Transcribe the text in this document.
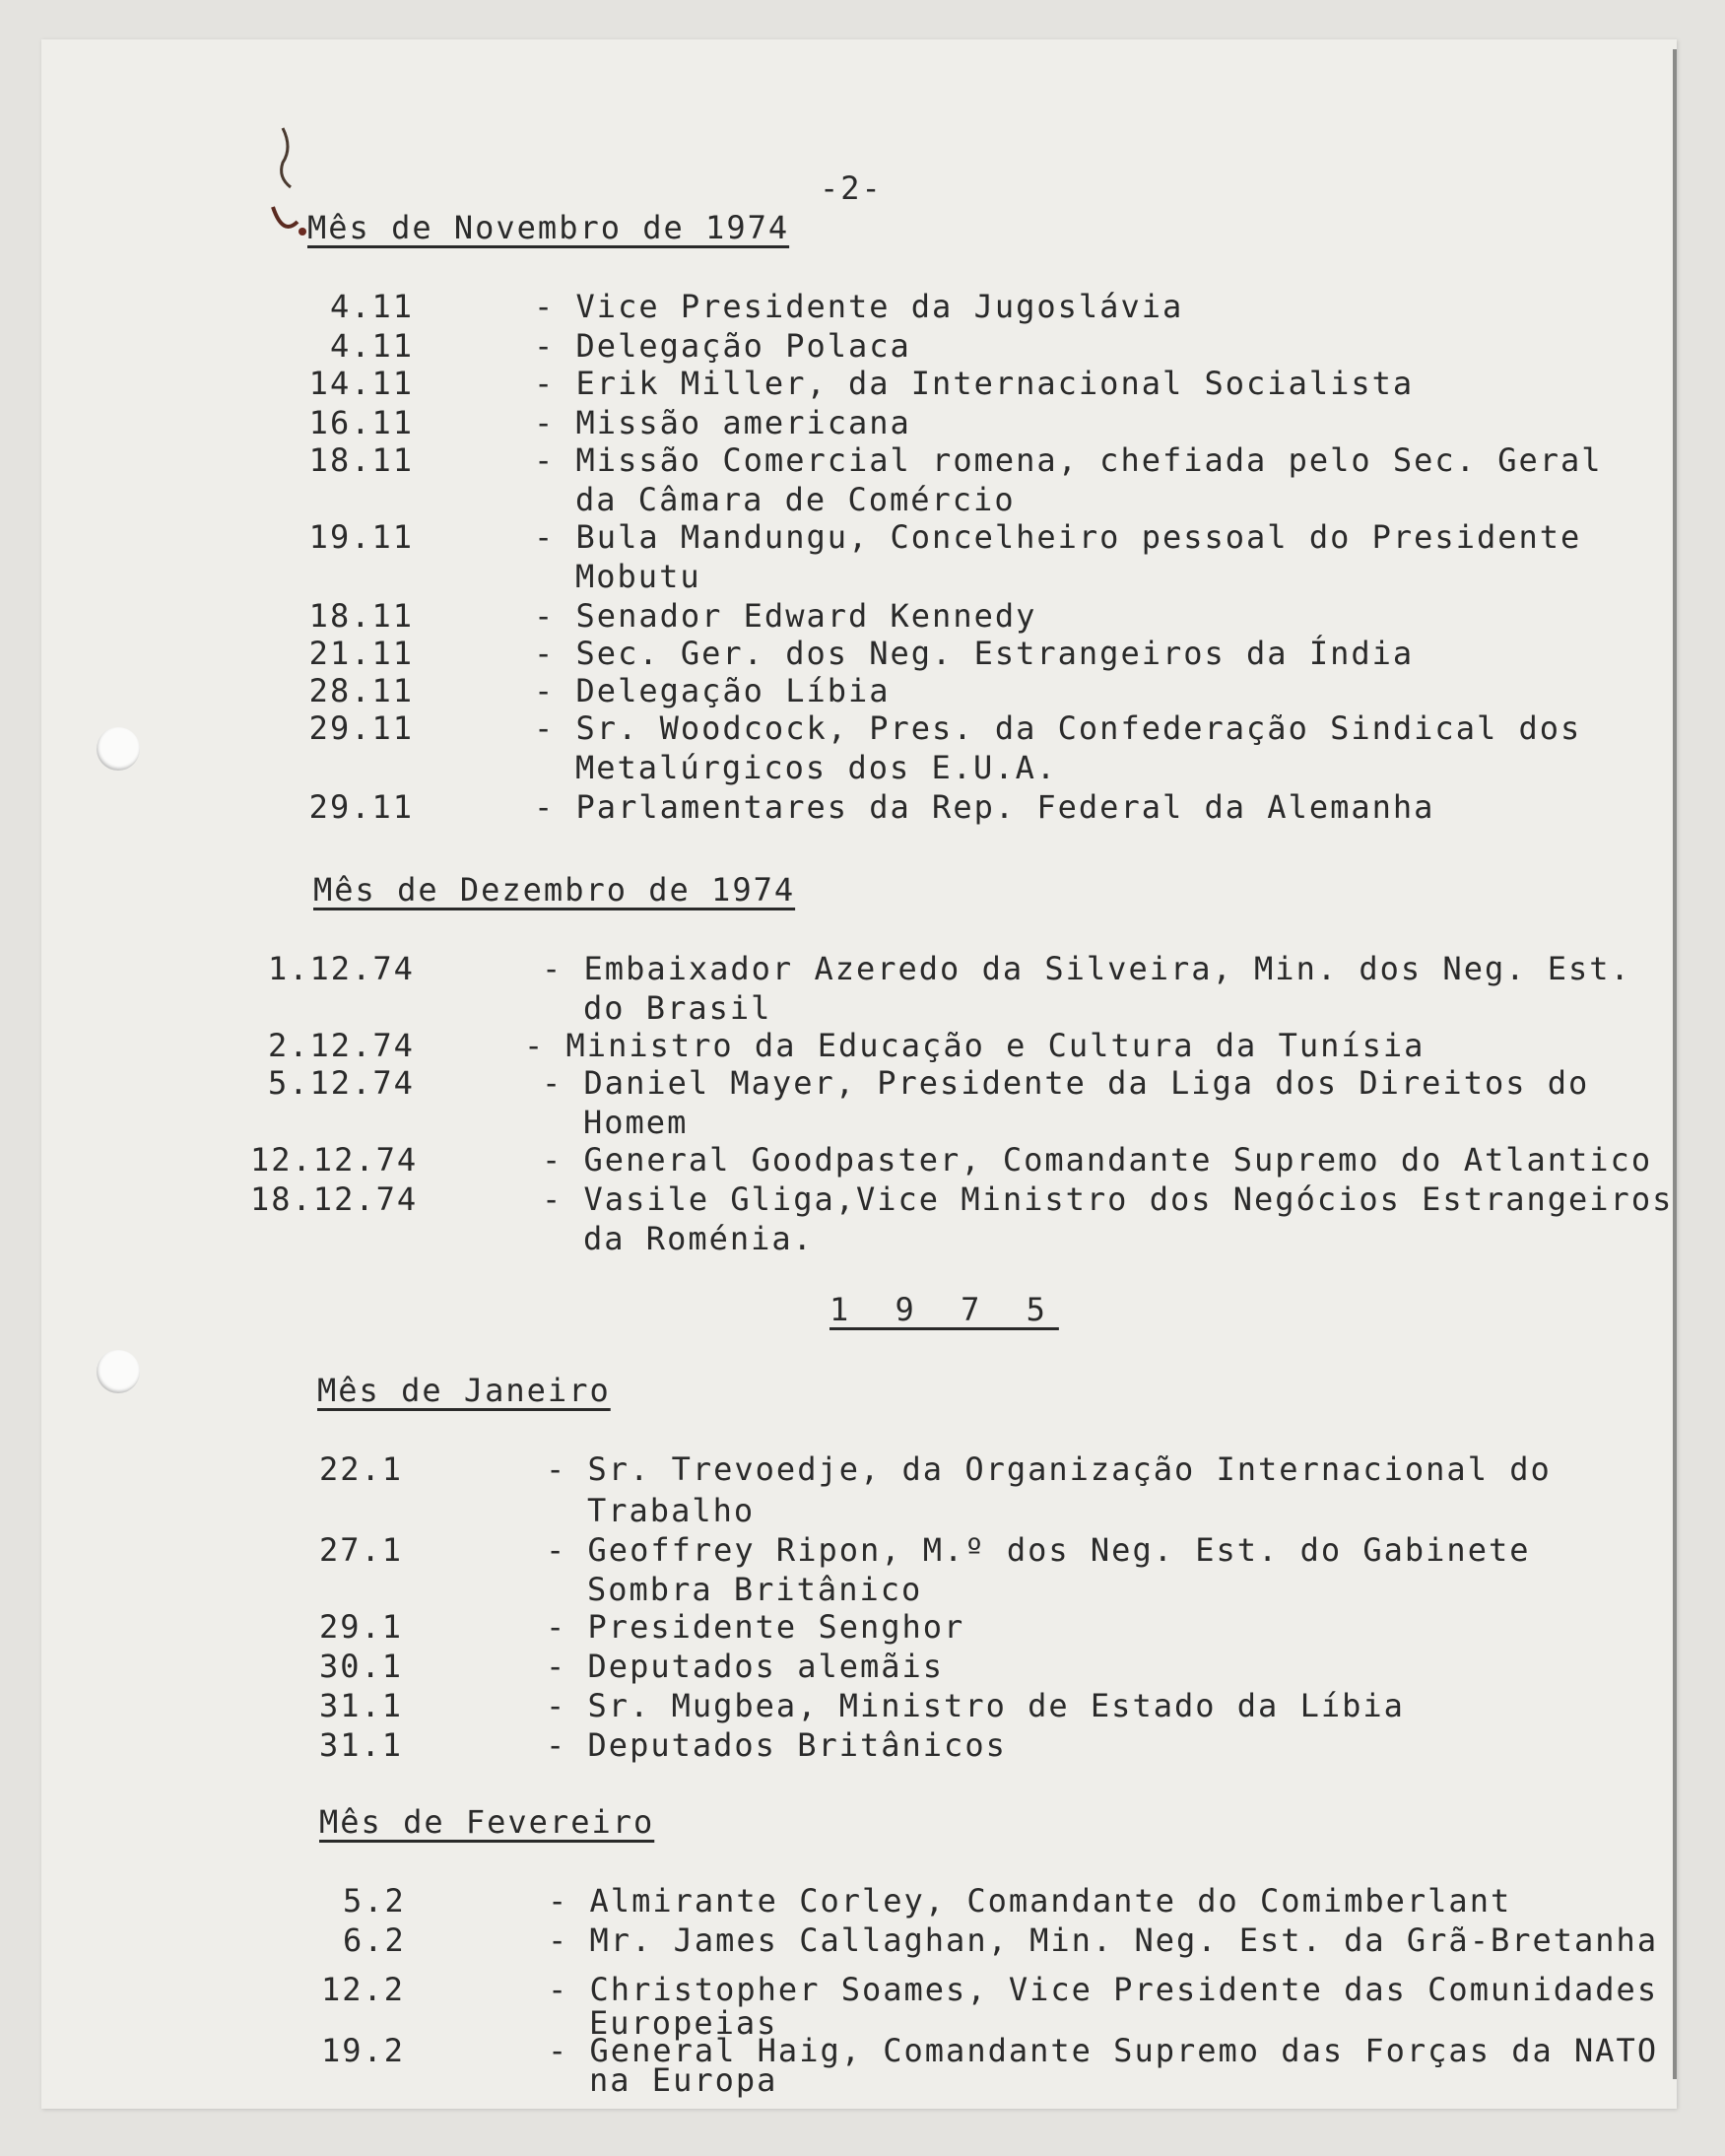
-2-
Mês de Novembro de 1974
4.11	- Vice Presidente da Jugoslávia
4.11	- Delegação Polaca
14.11	- Erik Miller, da Internacional Socialista
16.11	- Missão americana
18.11	- Missão Comercial romena, chefiada pelo Sec. Geral
da Câmara de Comércio
19.11	- Bula Mandungu, Concelheiro pessoal do Presidente
Mobutu
18.11	- Senador Edward Kennedy
21.11	- Sec. Ger. dos Neg. Estrangeiros da Índia
28.11	- Delegação Líbia
29.11	- Sr. Woodcock, Pres. da Confederação Sindical dos
Metalúrgicos dos E.U.A.
29.11	- Parlamentares da Rep. Federal da Alemanha
Mês de Dezembro de 1974
1.12.74	- Embaixador Azeredo da Silveira, Min. dos Neg. Est.
do Brasil
2.12.74	- Ministro da Educação e Cultura da Tunísia
5.12.74	- Daniel Mayer, Presidente da Liga dos Direitos do
Homem
12.12.74	- General Goodpaster, Comandante Supremo do Atlantico
18.12.74	- Vasile Gliga,Vice Ministro dos Negócios Estrangeiros
da Roménia.
1 9 7 5
Mês de Janeiro
22.1	- Sr. Trevoedje, da Organização Internacional do
Trabalho
27.1	- Geoffrey Ripon, M.º dos Neg. Est. do Gabinete
Sombra Britânico
29.1	- Presidente Senghor
30.1	- Deputados alemãis
31.1	- Sr. Mugbea, Ministro de Estado da Líbia
31.1	- Deputados Britânicos
Mês de Fevereiro
5.2	- Almirante Corley, Comandante do Comimberlant
6.2	- Mr. James Callaghan, Min. Neg. Est. da Grã-Bretanha
12.2	- Christopher Soames, Vice Presidente das Comunidades
Europeias
19.2	- General Haig, Comandante Supremo das Forças da NATO
na Europa
